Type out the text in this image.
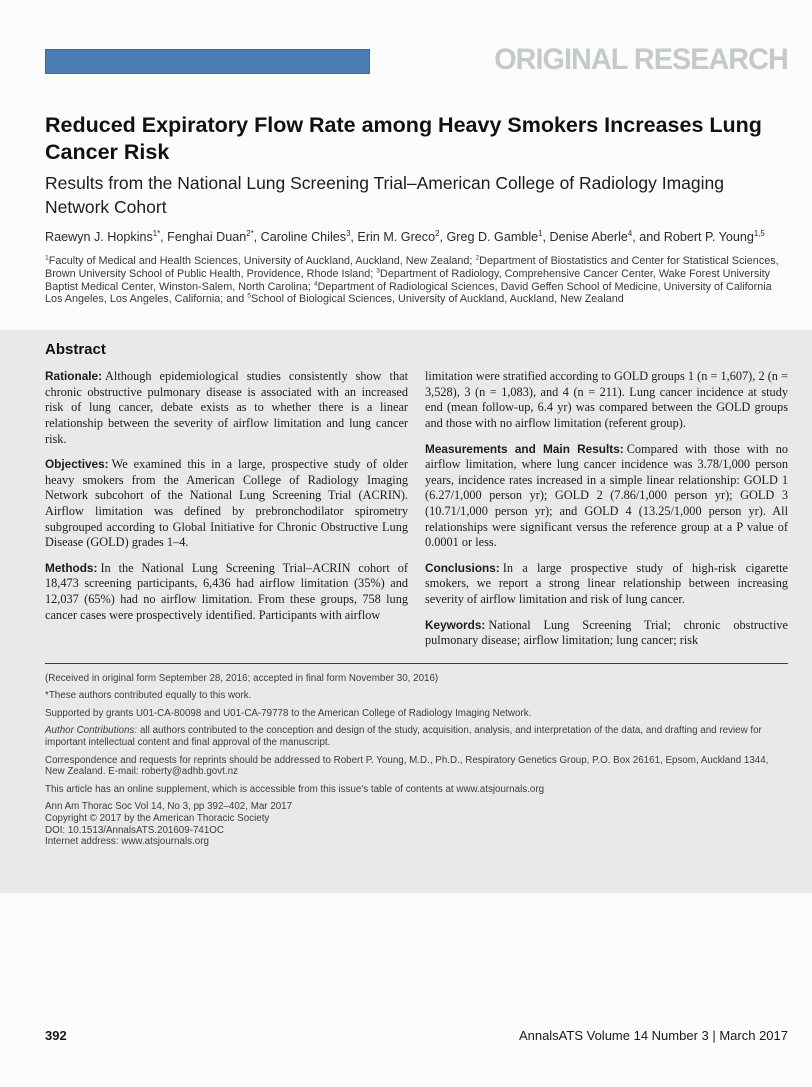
ORIGINAL RESEARCH
Reduced Expiratory Flow Rate among Heavy Smokers Increases Lung Cancer Risk
Results from the National Lung Screening Trial–American College of Radiology Imaging Network Cohort
Raewyn J. Hopkins$^{1*}$, Fenghai Duan$^{2*}$, Caroline Chiles$^3$, Erin M. Greco$^2$, Greg D. Gamble$^1$, Denise Aberle$^4$, and Robert P. Young$^{1,5}$
$^1$Faculty of Medical and Health Sciences, University of Auckland, Auckland, New Zealand; $^2$Department of Biostatistics and Center for Statistical Sciences, Brown University School of Public Health, Providence, Rhode Island; $^3$Department of Radiology, Comprehensive Cancer Center, Wake Forest University Baptist Medical Center, Winston-Salem, North Carolina; $^4$Department of Radiological Sciences, David Geffen School of Medicine, University of California Los Angeles, Los Angeles, California; and $^5$School of Biological Sciences, University of Auckland, Auckland, New Zealand
Abstract

Rationale: Although epidemiological studies consistently show that chronic obstructive pulmonary disease is associated with an increased risk of lung cancer, debate exists as to whether there is a linear relationship between the severity of airflow limitation and lung cancer risk.

Objectives: We examined this in a large, prospective study of older heavy smokers from the American College of Radiology Imaging Network subcohort of the National Lung Screening Trial (ACRIN). Airflow limitation was defined by prebronchodilator spirometry subgrouped according to Global Initiative for Chronic Obstructive Lung Disease (GOLD) grades 1–4.

Methods: In the National Lung Screening Trial–ACRIN cohort of 18,473 screening participants, 6,436 had airflow limitation (35%) and 12,037 (65%) had no airflow limitation. From these groups, 758 lung cancer cases were prospectively identified. Participants with airflow

limitation were stratified according to GOLD groups 1 (n = 1,607), 2 (n = 3,528), 3 (n = 1,083), and 4 (n = 211). Lung cancer incidence at study end (mean follow-up, 6.4 yr) was compared between the GOLD groups and those with no airflow limitation (referent group).

Measurements and Main Results: Compared with those with no airflow limitation, where lung cancer incidence was 3.78/1,000 person years, incidence rates increased in a simple linear relationship: GOLD 1 (6.27/1,000 person yr); GOLD 2 (7.86/1,000 person yr); GOLD 3 (10.71/1,000 person yr); and GOLD 4 (13.25/1,000 person yr). All relationships were significant versus the reference group at a P value of 0.0001 or less.

Conclusions: In a large prospective study of high-risk cigarette smokers, we report a strong linear relationship between increasing severity of airflow limitation and risk of lung cancer.

Keywords: National Lung Screening Trial; chronic obstructive pulmonary disease; airflow limitation; lung cancer; risk

(Received in original form September 28, 2016; accepted in final form November 30, 2016)

*These authors contributed equally to this work.

Supported by grants U01-CA-80098 and U01-CA-79778 to the American College of Radiology Imaging Network.

Author Contributions: all authors contributed to the conception and design of the study, acquisition, analysis, and interpretation of the data, and drafting and review for important intellectual content and final approval of the manuscript.

Correspondence and requests for reprints should be addressed to Robert P. Young, M.D., Ph.D., Respiratory Genetics Group, P.O. Box 26161, Epsom, Auckland 1344, New Zealand. E-mail: roberty@adhb.govt.nz

This article has an online supplement, which is accessible from this issue's table of contents at www.atsjournals.org

Ann Am Thorac Soc Vol 14, No 3, pp 392–402, Mar 2017

Copyright © 2017 by the American Thoracic Society

DOI: 10.1513/AnnalsATS.201609-741OC

Internet address: www.atsjournals.org

392	AnnalsATS Volume 14 Number 3 | March 2017
